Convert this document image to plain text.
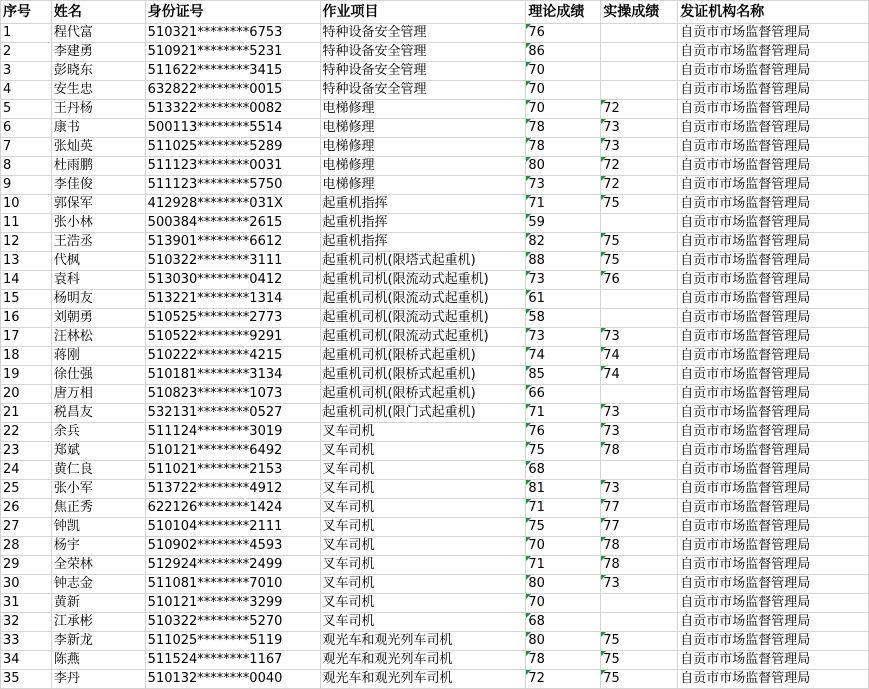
序号	姓名	身份证号	作业项目	理论成绩	实操成绩	发证机构名称
1	程代富	510321********6753	特种设备安全管理	76		自贡市市场监督管理局
2	李建勇	510921********5231	特种设备安全管理	86		自贡市市场监督管理局
3	彭晓东	511622********3415	特种设备安全管理	70		自贡市市场监督管理局
4	安生忠	632822********0015	特种设备安全管理	70		自贡市市场监督管理局
5	王丹杨	513322********0082	电梯修理	70	72	自贡市市场监督管理局
6	康书	500113********5514	电梯修理	78	73	自贡市市场监督管理局
7	张灿英	511025********5289	电梯修理	78	73	自贡市市场监督管理局
8	杜雨鹏	511123********0031	电梯修理	80	72	自贡市市场监督管理局
9	李佳俊	511123********5750	电梯修理	73	72	自贡市市场监督管理局
10	郭保军	412928********031X	起重机指挥	71	75	自贡市市场监督管理局
11	张小林	500384********2615	起重机指挥	59		自贡市市场监督管理局
12	王浩丞	513901********6612	起重机指挥	82	75	自贡市市场监督管理局
13	代枫	510322********3111	起重机司机(限塔式起重机)	88	75	自贡市市场监督管理局
14	袁科	513030********0412	起重机司机(限流动式起重机)	73	76	自贡市市场监督管理局
15	杨明友	513221********1314	起重机司机(限流动式起重机)	61		自贡市市场监督管理局
16	刘朝勇	510525********2773	起重机司机(限流动式起重机)	58		自贡市市场监督管理局
17	汪林松	510522********9291	起重机司机(限流动式起重机)	73	73	自贡市市场监督管理局
18	蒋刚	510222********4215	起重机司机(限桥式起重机)	74	74	自贡市市场监督管理局
19	徐仕强	510181********3134	起重机司机(限桥式起重机)	85	74	自贡市市场监督管理局
20	唐万相	510823********1073	起重机司机(限桥式起重机)	66		自贡市市场监督管理局
21	税昌友	532131********0527	起重机司机(限门式起重机)	71	73	自贡市市场监督管理局
22	余兵	511124********3019	叉车司机	76	73	自贡市市场监督管理局
23	郑斌	510121********6492	叉车司机	75	78	自贡市市场监督管理局
24	黄仁良	511021********2153	叉车司机	68		自贡市市场监督管理局
25	张小军	513722********4912	叉车司机	81	73	自贡市市场监督管理局
26	焦正秀	622126********1424	叉车司机	71	77	自贡市市场监督管理局
27	钟凯	510104********2111	叉车司机	75	77	自贡市市场监督管理局
28	杨宇	510902********4593	叉车司机	70	78	自贡市市场监督管理局
29	全荣林	512924********2499	叉车司机	71	78	自贡市市场监督管理局
30	钟志金	511081********7010	叉车司机	80	73	自贡市市场监督管理局
31	黄新	510121********3299	叉车司机	70		自贡市市场监督管理局
32	江承彬	510322********5270	叉车司机	68		自贡市市场监督管理局
33	李新龙	511025********5119	观光车和观光列车司机	80	75	自贡市市场监督管理局
34	陈燕	511524********1167	观光车和观光列车司机	78	75	自贡市市场监督管理局
35	李丹	510132********0040	观光车和观光列车司机	72	75	自贡市市场监督管理局
